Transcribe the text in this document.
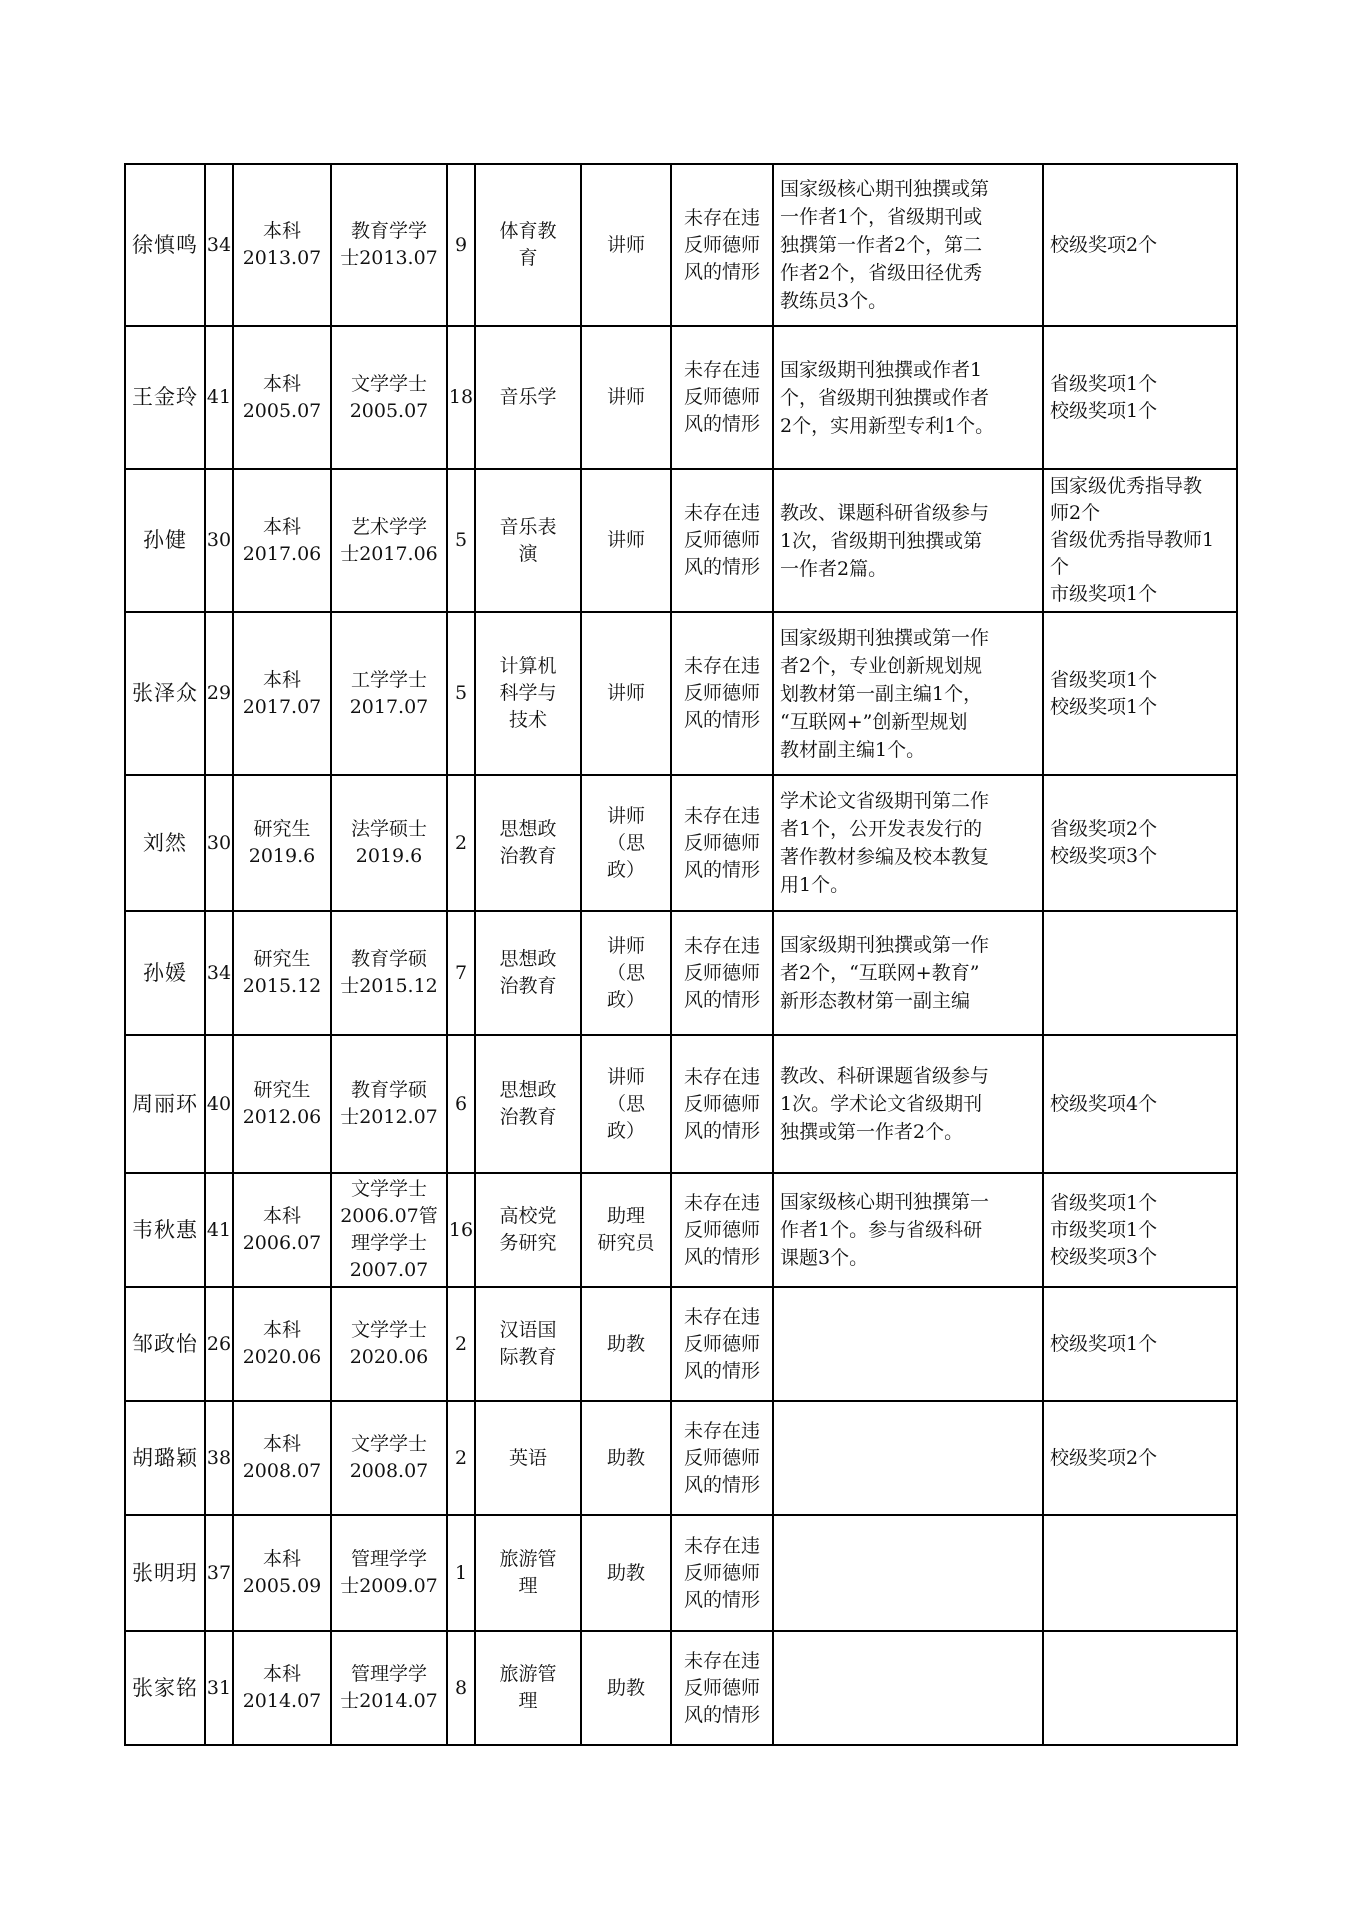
徐慎鸣	34	本科
2013.07	教育学学
士2013.07	9	体育教
育	讲师	未存在违
反师德师
风的情形	国家级核心期刊独撰或第
一作者1个，省级期刊或
独撰第一作者2个，第二
作者2个，省级田径优秀
教练员3个。	校级奖项2个

王金玲	41	本科
2005.07	文学学士
2005.07	18	音乐学	讲师	未存在违
反师德师
风的情形	国家级期刊独撰或作者1
个，省级期刊独撰或作者
2个，实用新型专利1个。	省级奖项1个
校级奖项1个

孙健	30	本科
2017.06	艺术学学
士2017.06	5	音乐表
演	讲师	未存在违
反师德师
风的情形	教改、课题科研省级参与
1次，省级期刊独撰或第
一作者2篇。	国家级优秀指导教
师2个
省级优秀指导教师1
个
市级奖项1个

张泽众	29	本科
2017.07	工学学士
2017.07	5	计算机
科学与
技术	讲师	未存在违
反师德师
风的情形	国家级期刊独撰或第一作
者2个，专业创新规划规
划教材第一副主编1个，
“互联网+”创新型规划
教材副主编1个。	省级奖项1个
校级奖项1个

刘然	30	研究生
2019.6	法学硕士
2019.6	2	思想政
治教育	讲师
（思
政）	未存在违
反师德师
风的情形	学术论文省级期刊第二作
者1个，公开发表发行的
著作教材参编及校本教复
用1个。	省级奖项2个
校级奖项3个

孙媛	34	研究生
2015.12	教育学硕
士2015.12	7	思想政
治教育	讲师
（思
政）	未存在违
反师德师
风的情形	国家级期刊独撰或第一作
者2个，“互联网+教育”
新形态教材第一副主编	

周丽环	40	研究生
2012.06	教育学硕
士2012.07	6	思想政
治教育	讲师
（思
政）	未存在违
反师德师
风的情形	教改、科研课题省级参与
1次。学术论文省级期刊
独撰或第一作者2个。	校级奖项4个

韦秋惠	41	本科
2006.07	文学学士
2006.07管
理学学士
2007.07	16	高校党
务研究	助理
研究员	未存在违
反师德师
风的情形	国家级核心期刊独撰第一
作者1个。参与省级科研
课题3个。	省级奖项1个
市级奖项1个
校级奖项3个

邹政怡	26	本科
2020.06	文学学士
2020.06	2	汉语国
际教育	助教	未存在违
反师德师
风的情形		校级奖项1个

胡璐颖	38	本科
2008.07	文学学士
2008.07	2	英语	助教	未存在违
反师德师
风的情形		校级奖项2个

张明玥	37	本科
2005.09	管理学学
士2009.07	1	旅游管
理	助教	未存在违
反师德师
风的情形		

张家铭	31	本科
2014.07	管理学学
士2014.07	8	旅游管
理	助教	未存在违
反师德师
风的情形		
